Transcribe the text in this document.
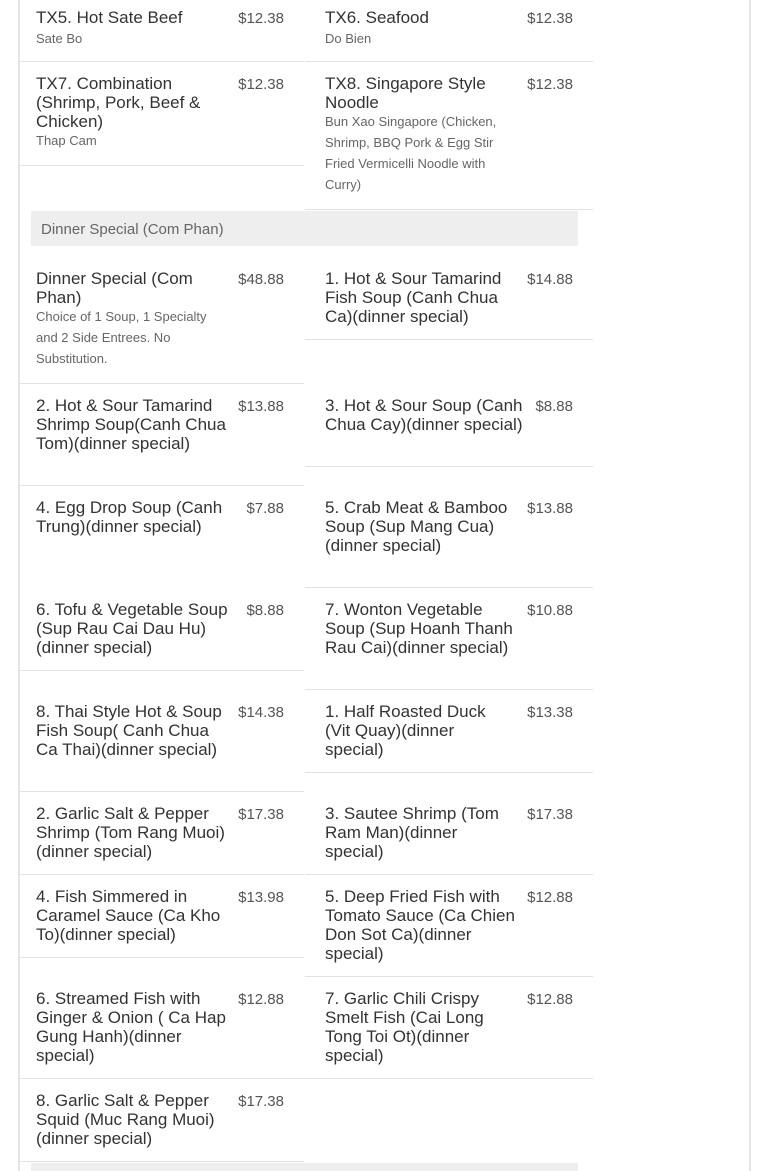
TX5. Hot Sate Beef
Sate Bo
$12.38 TX6. Seafood
Do Bien
$12.38
TX7. Combination (Shrimp, Pork, Beef & Chicken)
Thap Cam
$12.38 TX8. Singapore Style Noodle
Bun Xao Singapore (Chicken, Shrimp, BBQ Pork & Egg Stir Fried Vermicelli Noodle with Curry)
$12.38
Dinner Special (Com Phan)
Dinner Special (Com Phan)
Choice of 1 Soup, 1 Specialty and 2 Side Entrees. No Substitution.
$48.88 1. Hot & Sour Tamarind Fish Soup (Canh Chua Ca)(dinner special)
$14.88
2. Hot & Sour Tamarind Shrimp Soup(Canh Chua Tom)(dinner special)
$13.88 3. Hot & Sour Soup (Canh Chua Cay)(dinner special)
$8.88
4. Egg Drop Soup (Canh Trung)(dinner special)
$7.88 5. Crab Meat & Bamboo Soup (Sup Mang Cua)(dinner special)
$13.88
6. Tofu & Vegetable Soup (Sup Rau Cai Dau Hu)(dinner special)
$8.88 7. Wonton Vegetable Soup (Sup Hoanh Thanh Rau Cai)(dinner special)
$10.88
8. Thai Style Hot & Soup Fish Soup( Canh Chua Ca Thai)(dinner special)
$14.38 1. Half Roasted Duck (Vit Quay)(dinner special)
$13.38
2. Garlic Salt & Pepper Shrimp (Tom Rang Muoi)(dinner special)
$17.38 3. Sautee Shrimp (Tom Ram Man)(dinner special)
$17.38
4. Fish Simmered in Caramel Sauce (Ca Kho To)(dinner special)
$13.98 5. Deep Fried Fish with Tomato Sauce (Ca Chien Don Sot Ca)(dinner special)
$12.88
6. Streamed Fish with Ginger & Onion ( Ca Hap Gung Hanh)(dinner special)
$12.88 7. Garlic Chili Crispy Smelt Fish (Cai Long Tong Toi Ot)(dinner special)
$12.88
8. Garlic Salt & Pepper Squid (Muc Rang Muoi)(dinner special)
$17.38
